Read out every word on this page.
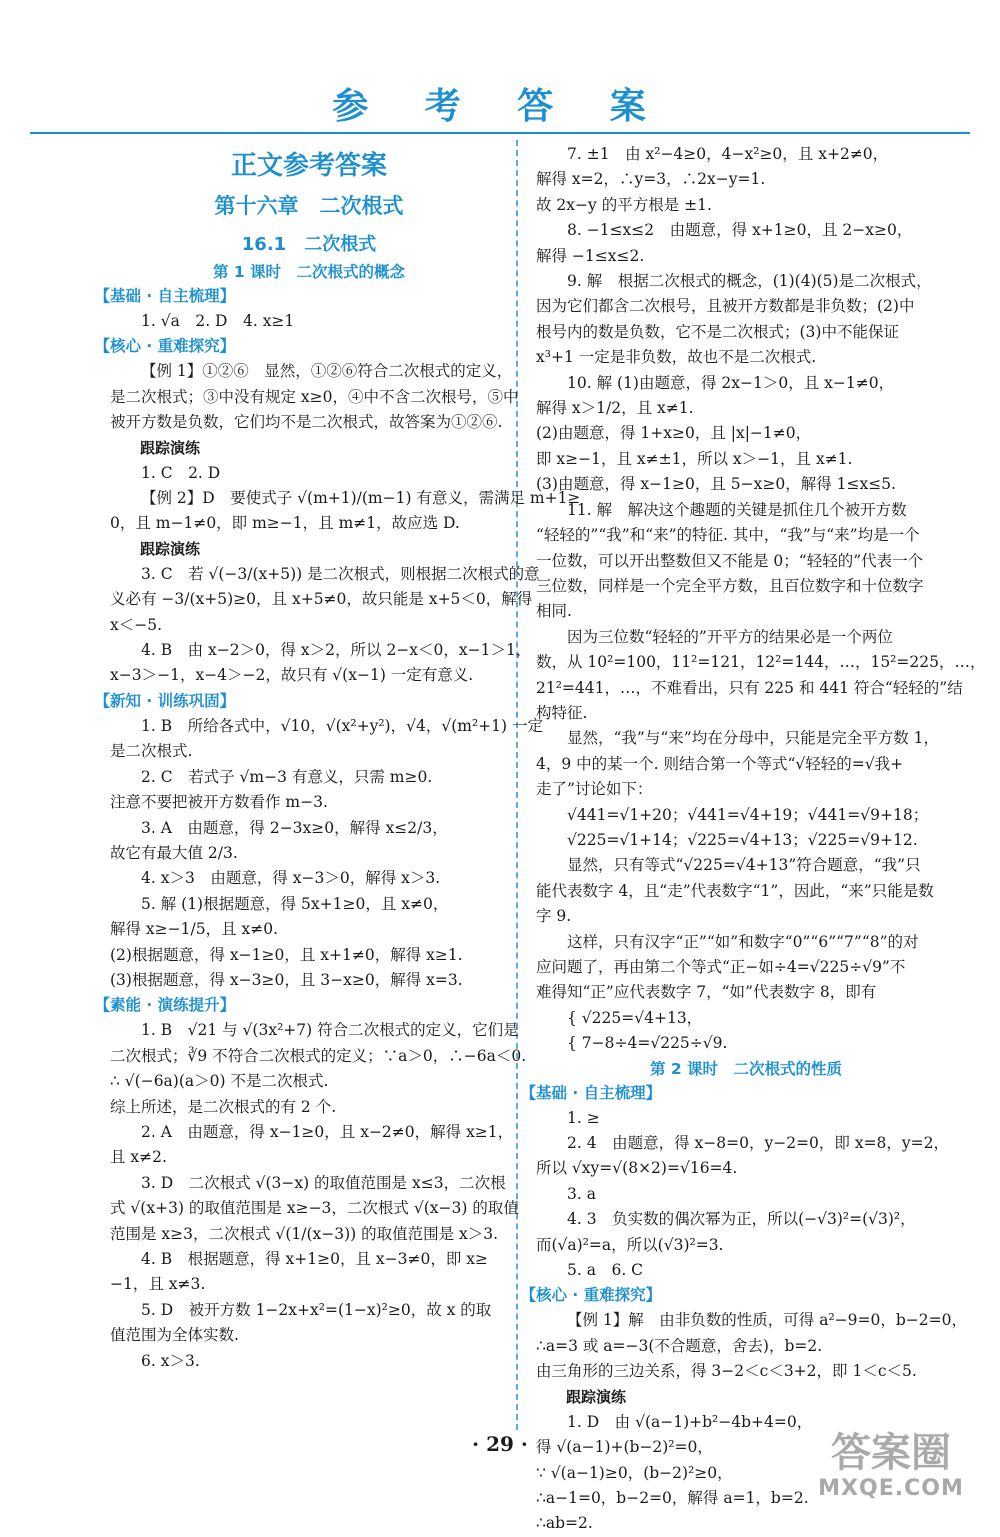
参 考 答 案
正文参考答案
第十六章　二次根式
16.1　二次根式
第 1 课时　二次根式的概念
【基础 · 自主梳理】
1. √a　2. D　4. x≥1
【核心 · 重难探究】
【例 1】①②⑥　显然，①②⑥符合二次根式的定义，
是二次根式；③中没有规定 x≥0，④中不含二次根号，⑤中
被开方数是负数，它们均不是二次根式，故答案为①②⑥.
跟踪演练
1. C　2. D
【例 2】D　要使式子 √(m+1)/(m−1) 有意义，需满足 m+1≥
0，且 m−1≠0，即 m≥−1，且 m≠1，故应选 D.
跟踪演练
3. C　若 √(−3/(x+5)) 是二次根式，则根据二次根式的意
义必有 −3/(x+5)≥0，且 x+5≠0，故只能是 x+5＜0，解得
x＜−5.
4. B　由 x−2＞0，得 x＞2，所以 2−x＜0，x−1＞1，
x−3＞−1，x−4＞−2，故只有 √(x−1) 一定有意义.
【新知 · 训练巩固】
1. B　所给各式中，√10，√(x²+y²)，√4，√(m²+1) 一定
是二次根式.
2. C　若式子 √m−3 有意义，只需 m≥0.
注意不要把被开方数看作 m−3.
3. A　由题意，得 2−3x≥0，解得 x≤2/3，
故它有最大值 2/3.
4. x＞3　由题意，得 x−3＞0，解得 x＞3.
5. 解 (1)根据题意，得 5x+1≥0，且 x≠0，
解得 x≥−1/5，且 x≠0.
(2)根据题意，得 x−1≥0，且 x+1≠0，解得 x≥1.
(3)根据题意，得 x−3≥0，且 3−x≥0，解得 x=3.
【素能 · 演练提升】
1. B　√21 与 √(3x²+7) 符合二次根式的定义，它们是
二次根式；∛9 不符合二次根式的定义；∵a＞0，∴−6a＜0.
∴ √(−6a)(a＞0) 不是二次根式.
综上所述，是二次根式的有 2 个.
2. A　由题意，得 x−1≥0，且 x−2≠0，解得 x≥1，
且 x≠2.
3. D　二次根式 √(3−x) 的取值范围是 x≤3，二次根
式 √(x+3) 的取值范围是 x≥−3，二次根式 √(x−3) 的取值
范围是 x≥3，二次根式 √(1/(x−3)) 的取值范围是 x＞3.
4. B　根据题意，得 x+1≥0，且 x−3≠0，即 x≥
−1，且 x≠3.
5. D　被开方数 1−2x+x²=(1−x)²≥0，故 x 的取
值范围为全体实数.
6. x＞3.
7. ±1　由 x²−4≥0，4−x²≥0，且 x+2≠0，
解得 x=2，∴y=3，∴2x−y=1.
故 2x−y 的平方根是 ±1.
8. −1≤x≤2　由题意，得 x+1≥0，且 2−x≥0，
解得 −1≤x≤2.
9. 解　根据二次根式的概念，(1)(4)(5)是二次根式，
因为它们都含二次根号，且被开方数都是非负数；(2)中
根号内的数是负数，它不是二次根式；(3)中不能保证
x³+1 一定是非负数，故也不是二次根式.
10. 解 (1)由题意，得 2x−1＞0，且 x−1≠0，
解得 x＞1/2，且 x≠1.
(2)由题意，得 1+x≥0，且 |x|−1≠0，
即 x≥−1，且 x≠±1，所以 x＞−1，且 x≠1.
(3)由题意，得 x−1≥0，且 5−x≥0，解得 1≤x≤5.
11. 解　解决这个趣题的关键是抓住几个被开方数
“轻轻的”“我”和“来”的特征. 其中，“我”与“来”均是一个
一位数，可以开出整数但又不能是 0；“轻轻的”代表一个
三位数，同样是一个完全平方数，且百位数字和十位数字
相同.
因为三位数“轻轻的”开平方的结果必是一个两位
数，从 10²=100，11²=121，12²=144，…，15²=225，…，
21²=441，…，不难看出，只有 225 和 441 符合“轻轻的”结
构特征.
显然，“我”与“来”均在分母中，只能是完全平方数 1，
4，9 中的某一个. 则结合第一个等式“√轻轻的=√我+
走了”讨论如下：
√441=√1+20；√441=√4+19；√441=√9+18；
√225=√1+14；√225=√4+13；√225=√9+12.
显然，只有等式“√225=√4+13”符合题意，“我”只
能代表数字 4，且“走”代表数字“1”，因此，“来”只能是数
字 9.
这样，只有汉字“正”“如”和数字“0”“6”“7”“8”的对
应问题了，再由第二个等式“正−如÷4=√225÷√9”不
难得知“正”应代表数字 7，“如”代表数字 8，即有
{ √225=√4+13，
{ 7−8÷4=√225÷√9.
第 2 课时　二次根式的性质
【基础 · 自主梳理】
1. ≥
2. 4　由题意，得 x−8=0，y−2=0，即 x=8，y=2，
所以 √xy=√(8×2)=√16=4.
3. a
4. 3　负实数的偶次幂为正，所以(−√3)²=(√3)²，
而(√a)²=a，所以(√3)²=3.
5. a　6. C
【核心 · 重难探究】
【例 1】解　由非负数的性质，可得 a²−9=0，b−2=0，
∴a=3 或 a=−3(不合题意，舍去)，b=2.
由三角形的三边关系，得 3−2＜c＜3+2，即 1＜c＜5.
跟踪演练
1. D　由 √(a−1)+b²−4b+4=0，
得 √(a−1)+(b−2)²=0，
∵ √(a−1)≥0，(b−2)²≥0，
∴a−1=0，b−2=0，解得 a=1，b=2.
∴ab=2.
· 29 ·	答案圈
MXQE.COM
